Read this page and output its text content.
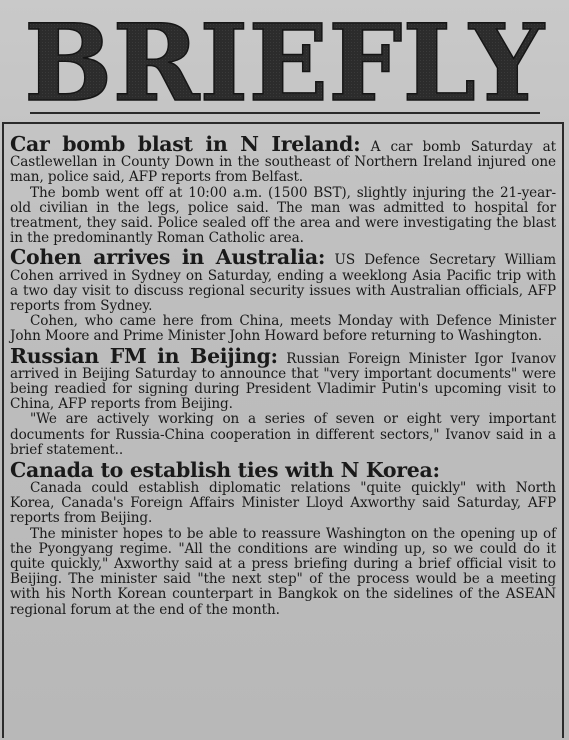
BRIEFLY

Car bomb blast in N Ireland: A car bomb Saturday at Castlewellan in County Down in the southeast of Northern Ireland injured one man, police said, AFP reports from Belfast.

The bomb went off at 10:00 a.m. (1500 BST), slightly injuring the 21-year-old civilian in the legs, police said. The man was admitted to hospital for treatment, they said. Police sealed off the area and were investigating the blast in the predominantly Roman Catholic area.

Cohen arrives in Australia: US Defence Secretary William Cohen arrived in Sydney on Saturday, ending a weeklong Asia Pacific trip with a two day visit to discuss regional security issues with Australian officials, AFP reports from Sydney.

Cohen, who came here from China, meets Monday with Defence Minister John Moore and Prime Minister John Howard before returning to Washington.

Russian FM in Beijing: Russian Foreign Minister Igor Ivanov arrived in Beijing Saturday to announce that "very important documents" were being readied for signing during President Vladimir Putin's upcoming visit to China, AFP reports from Beijing.

"We are actively working on a series of seven or eight very important documents for Russia-China cooperation in different sectors," Ivanov said in a brief statement..

Canada to establish ties with N Korea:

Canada could establish diplomatic relations "quite quickly" with North Korea, Canada's Foreign Affairs Minister Lloyd Axworthy said Saturday, AFP reports from Beijing.

The minister hopes to be able to reassure Washington on the opening up of the Pyongyang regime. "All the conditions are winding up, so we could do it quite quickly," Axworthy said at a press briefing during a brief official visit to Beijing. The minister said "the next step" of the process would be a meeting with his North Korean counterpart in Bangkok on the sidelines of the ASEAN regional forum at the end of the month.
